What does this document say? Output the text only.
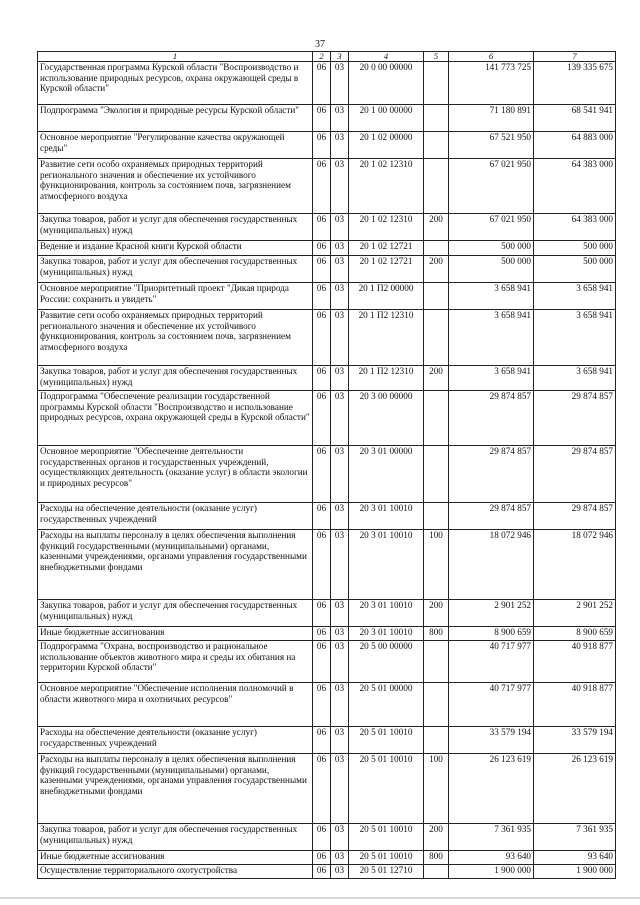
37
1	2	3	4	5	6	7
Государственная программа Курской области "Воспроизводство и использование природных ресурсов, охрана окружающей среды в Курской области"	06	03	20 0 00 00000		141 773 725	139 335 675
Подпрограмма "Экология и природные ресурсы Курской области"	06	03	20 1 00 00000		71 180 891	68 541 941
Основное мероприятие "Регулирование качества окружающей среды"	06	03	20 1 02 00000		67 521 950	64 883 000
Развитие сети особо охраняемых природных территорий регионального значения и обеспечение их устойчивого функционирования, контроль за состоянием почв, загрязнением атмосферного воздуха	06	03	20 1 02 12310		67 021 950	64 383 000
Закупка товаров, работ и услуг для обеспечения государственных (муниципальных) нужд	06	03	20 1 02 12310	200	67 021 950	64 383 000
Ведение и издание Красной книги Курской области	06	03	20 1 02 12721		500 000	500 000
Закупка товаров, работ и услуг для обеспечения государственных (муниципальных) нужд	06	03	20 1 02 12721	200	500 000	500 000
Основное мероприятие "Приоритетный проект "Дикая природа России: сохранить и увидеть"	06	03	20 1 П2 00000		3 658 941	3 658 941
Развитие сети особо охраняемых природных территорий регионального значения и обеспечение их устойчивого функционирования, контроль за состоянием почв, загрязнением атмосферного воздуха	06	03	20 1 П2 12310		3 658 941	3 658 941
Закупка товаров, работ и услуг для обеспечения государственных (муниципальных) нужд	06	03	20 1 П2 12310	200	3 658 941	3 658 941
Подпрограмма "Обеспечение реализации государственной программы Курской области "Воспроизводство и использование природных ресурсов, охрана окружающей среды в Курской области"	06	03	20 3 00 00000		29 874 857	29 874 857
Основное мероприятие "Обеспечение деятельности государственных органов и государственных учреждений, осуществляющих деятельность (оказание услуг) в области экологии и природных ресурсов"	06	03	20 3 01 00000		29 874 857	29 874 857
Расходы на обеспечение деятельности (оказание услуг) государственных учреждений	06	03	20 3 01 10010		29 874 857	29 874 857
Расходы на выплаты персоналу в целях обеспечения выполнения функций государственными (муниципальными) органами, казенными учреждениями, органами управления государственными внебюджетными фондами	06	03	20 3 01 10010	100	18 072 946	18 072 946
Закупка товаров, работ и услуг для обеспечения государственных (муниципальных) нужд	06	03	20 3 01 10010	200	2 901 252	2 901 252
Иные бюджетные ассигнования	06	03	20 3 01 10010	800	8 900 659	8 900 659
Подпрограмма "Охрана, воспроизводство и рациональное использование объектов животного мира и среды их обитания на территории Курской области"	06	03	20 5 00 00000		40 717 977	40 918 877
Основное мероприятие "Обеспечение исполнения полномочий в области животного мира и охотничьих ресурсов"	06	03	20 5 01 00000		40 717 977	40 918 877
Расходы на обеспечение деятельности (оказание услуг) государственных учреждений	06	03	20 5 01 10010		33 579 194	33 579 194
Расходы на выплаты персоналу в целях обеспечения выполнения функций государственными (муниципальными) органами, казенными учреждениями, органами управления государственными внебюджетными фондами	06	03	20 5 01 10010	100	26 123 619	26 123 619
Закупка товаров, работ и услуг для обеспечения государственных (муниципальных) нужд	06	03	20 5 01 10010	200	7 361 935	7 361 935
Иные бюджетные ассигнования	06	03	20 5 01 10010	800	93 640	93 640
Осуществление территориального охотустройства	06	03	20 5 01 12710		1 900 000	1 900 000
